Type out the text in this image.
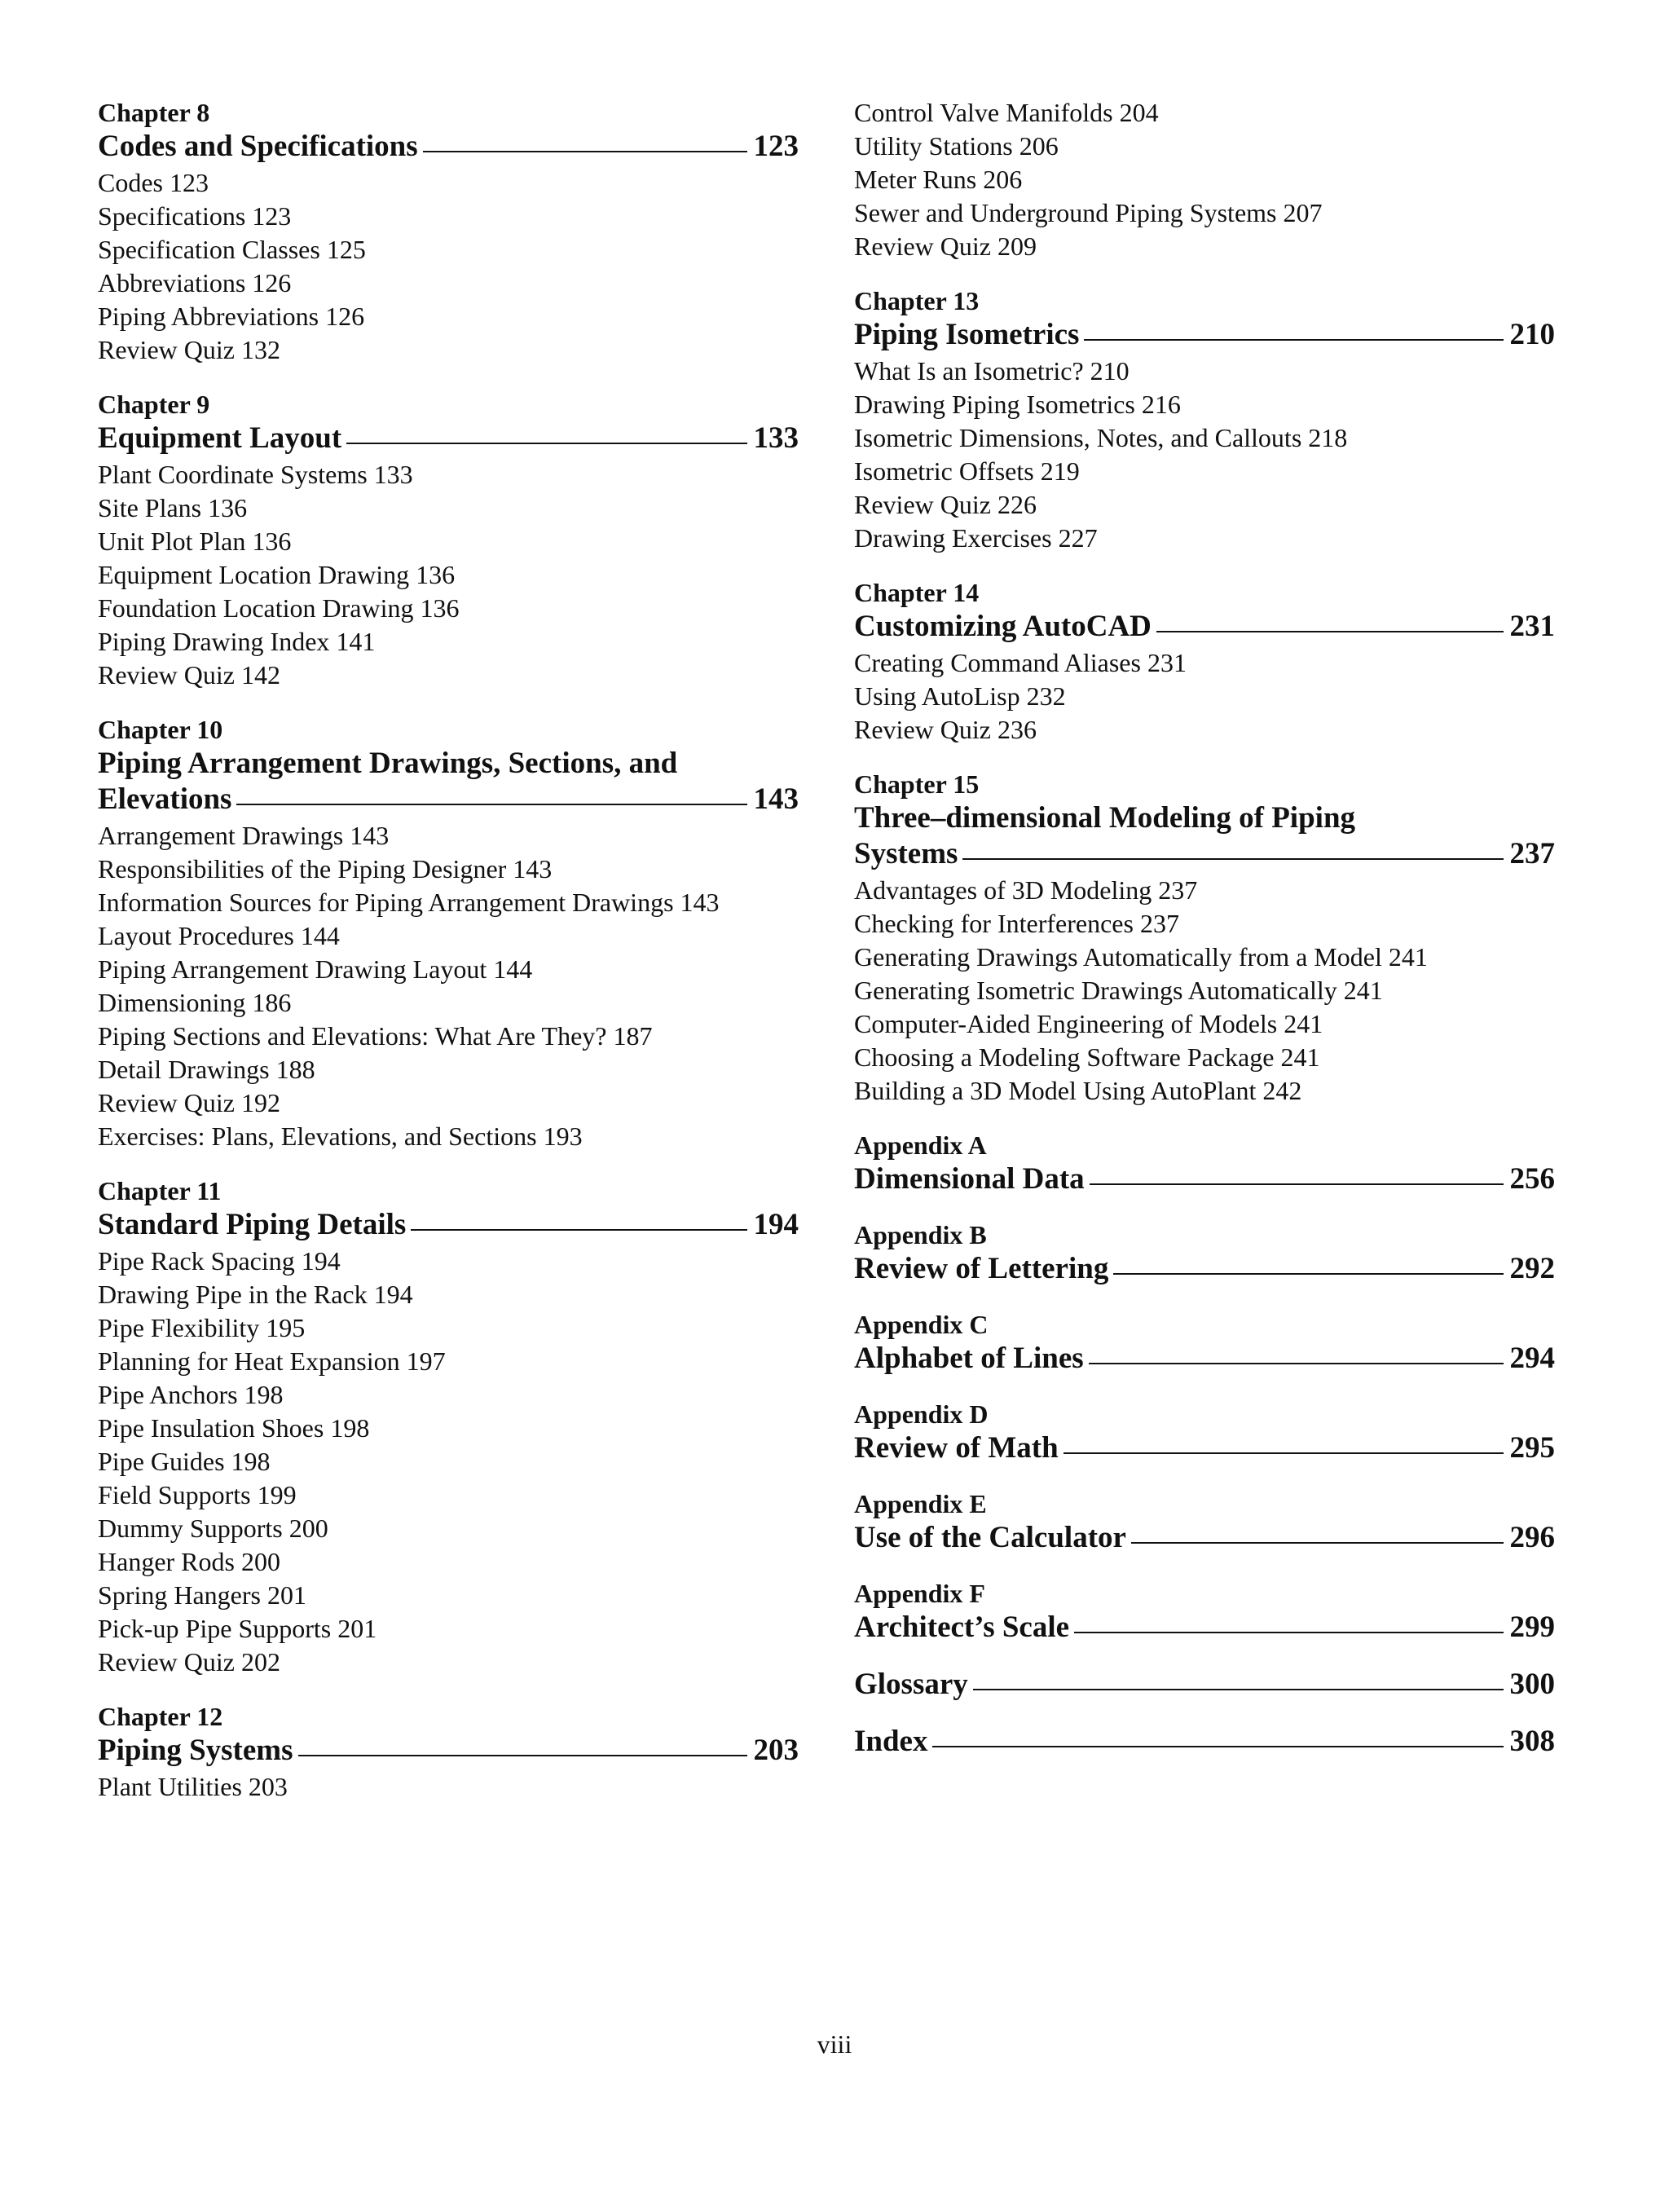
Chapter 8
Codes and Specifications	123
Codes 123
Specifications 123
Specification Classes 125
Abbreviations 126
Piping Abbreviations 126
Review Quiz 132
Chapter 9
Equipment Layout	133
Plant Coordinate Systems 133
Site Plans 136
Unit Plot Plan 136
Equipment Location Drawing 136
Foundation Location Drawing 136
Piping Drawing Index 141
Review Quiz 142
Chapter 10
Piping Arrangement Drawings, Sections, and
Elevations	143
Arrangement Drawings 143
Responsibilities of the Piping Designer 143
Information Sources for Piping Arrangement Drawings 143
Layout Procedures 144
Piping Arrangement Drawing Layout 144
Dimensioning 186
Piping Sections and Elevations: What Are They? 187
Detail Drawings 188
Review Quiz 192
Exercises: Plans, Elevations, and Sections 193
Chapter 11
Standard Piping Details	194
Pipe Rack Spacing 194
Drawing Pipe in the Rack 194
Pipe Flexibility 195
Planning for Heat Expansion 197
Pipe Anchors 198
Pipe Insulation Shoes 198
Pipe Guides 198
Field Supports 199
Dummy Supports 200
Hanger Rods 200
Spring Hangers 201
Pick-up Pipe Supports 201
Review Quiz 202
Chapter 12
Piping Systems	203
Plant Utilities 203
Control Valve Manifolds 204
Utility Stations 206
Meter Runs 206
Sewer and Underground Piping Systems 207
Review Quiz 209
Chapter 13
Piping Isometrics	210
What Is an Isometric? 210
Drawing Piping Isometrics 216
Isometric Dimensions, Notes, and Callouts 218
Isometric Offsets 219
Review Quiz 226
Drawing Exercises 227
Chapter 14
Customizing AutoCAD	231
Creating Command Aliases 231
Using AutoLisp 232
Review Quiz 236
Chapter 15
Three–dimensional Modeling of Piping
Systems	237
Advantages of 3D Modeling 237
Checking for Interferences 237
Generating Drawings Automatically from a Model 241
Generating Isometric Drawings Automatically 241
Computer-Aided Engineering of Models 241
Choosing a Modeling Software Package 241
Building a 3D Model Using AutoPlant 242
Appendix A
Dimensional Data	256
Appendix B
Review of Lettering	292
Appendix C
Alphabet of Lines	294
Appendix D
Review of Math	295
Appendix E
Use of the Calculator	296
Appendix F
Architect’s Scale	299
Glossary	300
Index	308
viii
